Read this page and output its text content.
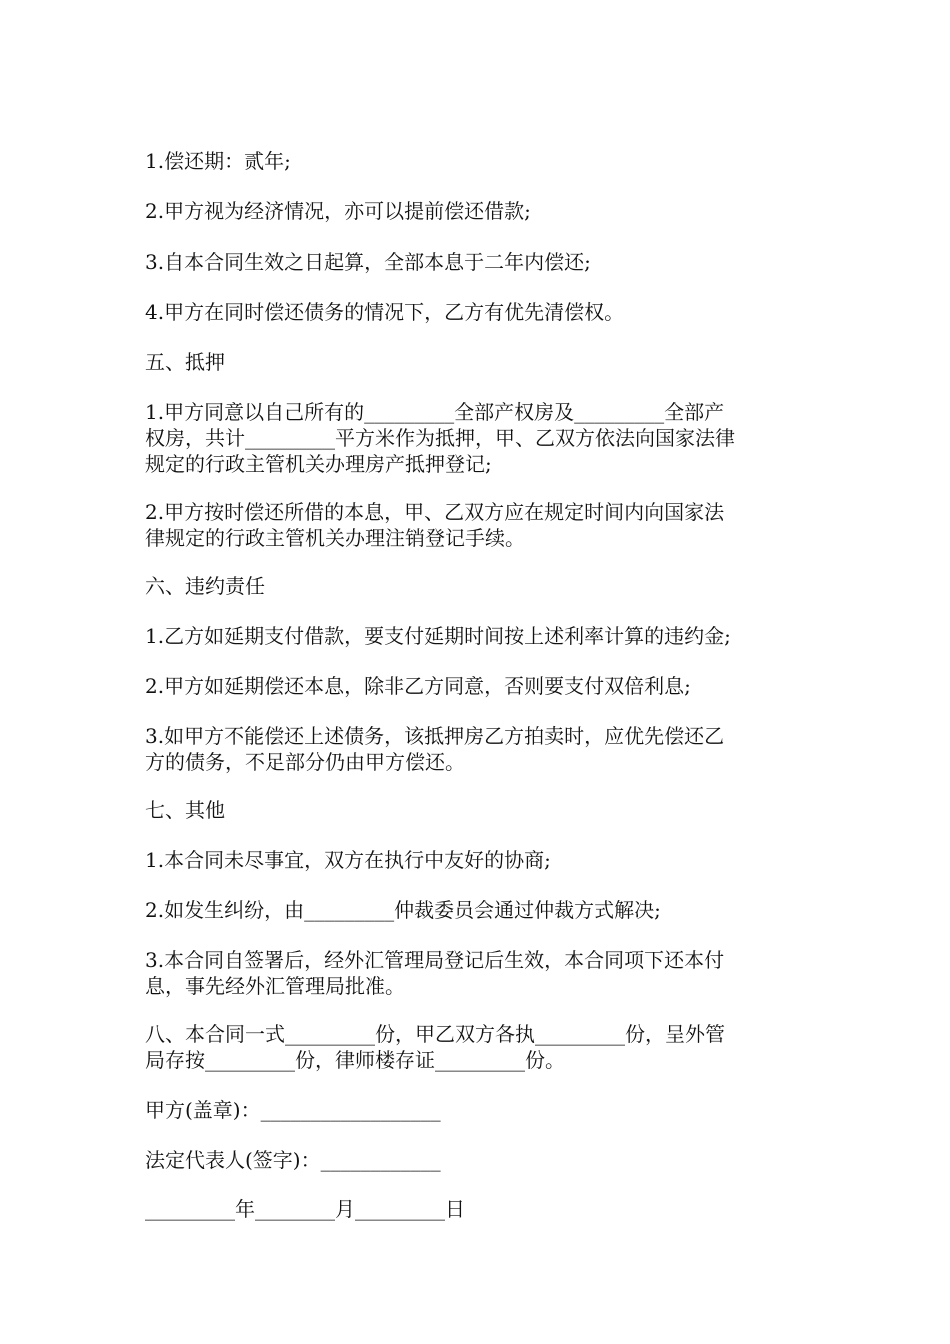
1.偿还期：贰年;

2.甲方视为经济情况，亦可以提前偿还借款;

3.自本合同生效之日起算，全部本息于二年内偿还;

4.甲方在同时偿还债务的情况下，乙方有优先清偿权。

五、抵押

1.甲方同意以自己所有的_________全部产权房及_________全部产
权房，共计_________平方米作为抵押，甲、乙双方依法向国家法律
规定的行政主管机关办理房产抵押登记;

2.甲方按时偿还所借的本息，甲、乙双方应在规定时间内向国家法
律规定的行政主管机关办理注销登记手续。

六、违约责任

1.乙方如延期支付借款，要支付延期时间按上述利率计算的违约金;

2.甲方如延期偿还本息，除非乙方同意，否则要支付双倍利息;

3.如甲方不能偿还上述债务，该抵押房乙方拍卖时，应优先偿还乙
方的债务，不足部分仍由甲方偿还。

七、其他

1.本合同未尽事宜，双方在执行中友好的协商;

2.如发生纠纷，由_________仲裁委员会通过仲裁方式解决;

3.本合同自签署后，经外汇管理局登记后生效，本合同项下还本付
息，事先经外汇管理局批准。

八、本合同一式_________份，甲乙双方各执_________份，呈外管
局存按_________份，律师楼存证_________份。

甲方(盖章)：__________________

法定代表人(签字)：____________

_________年________月_________日
